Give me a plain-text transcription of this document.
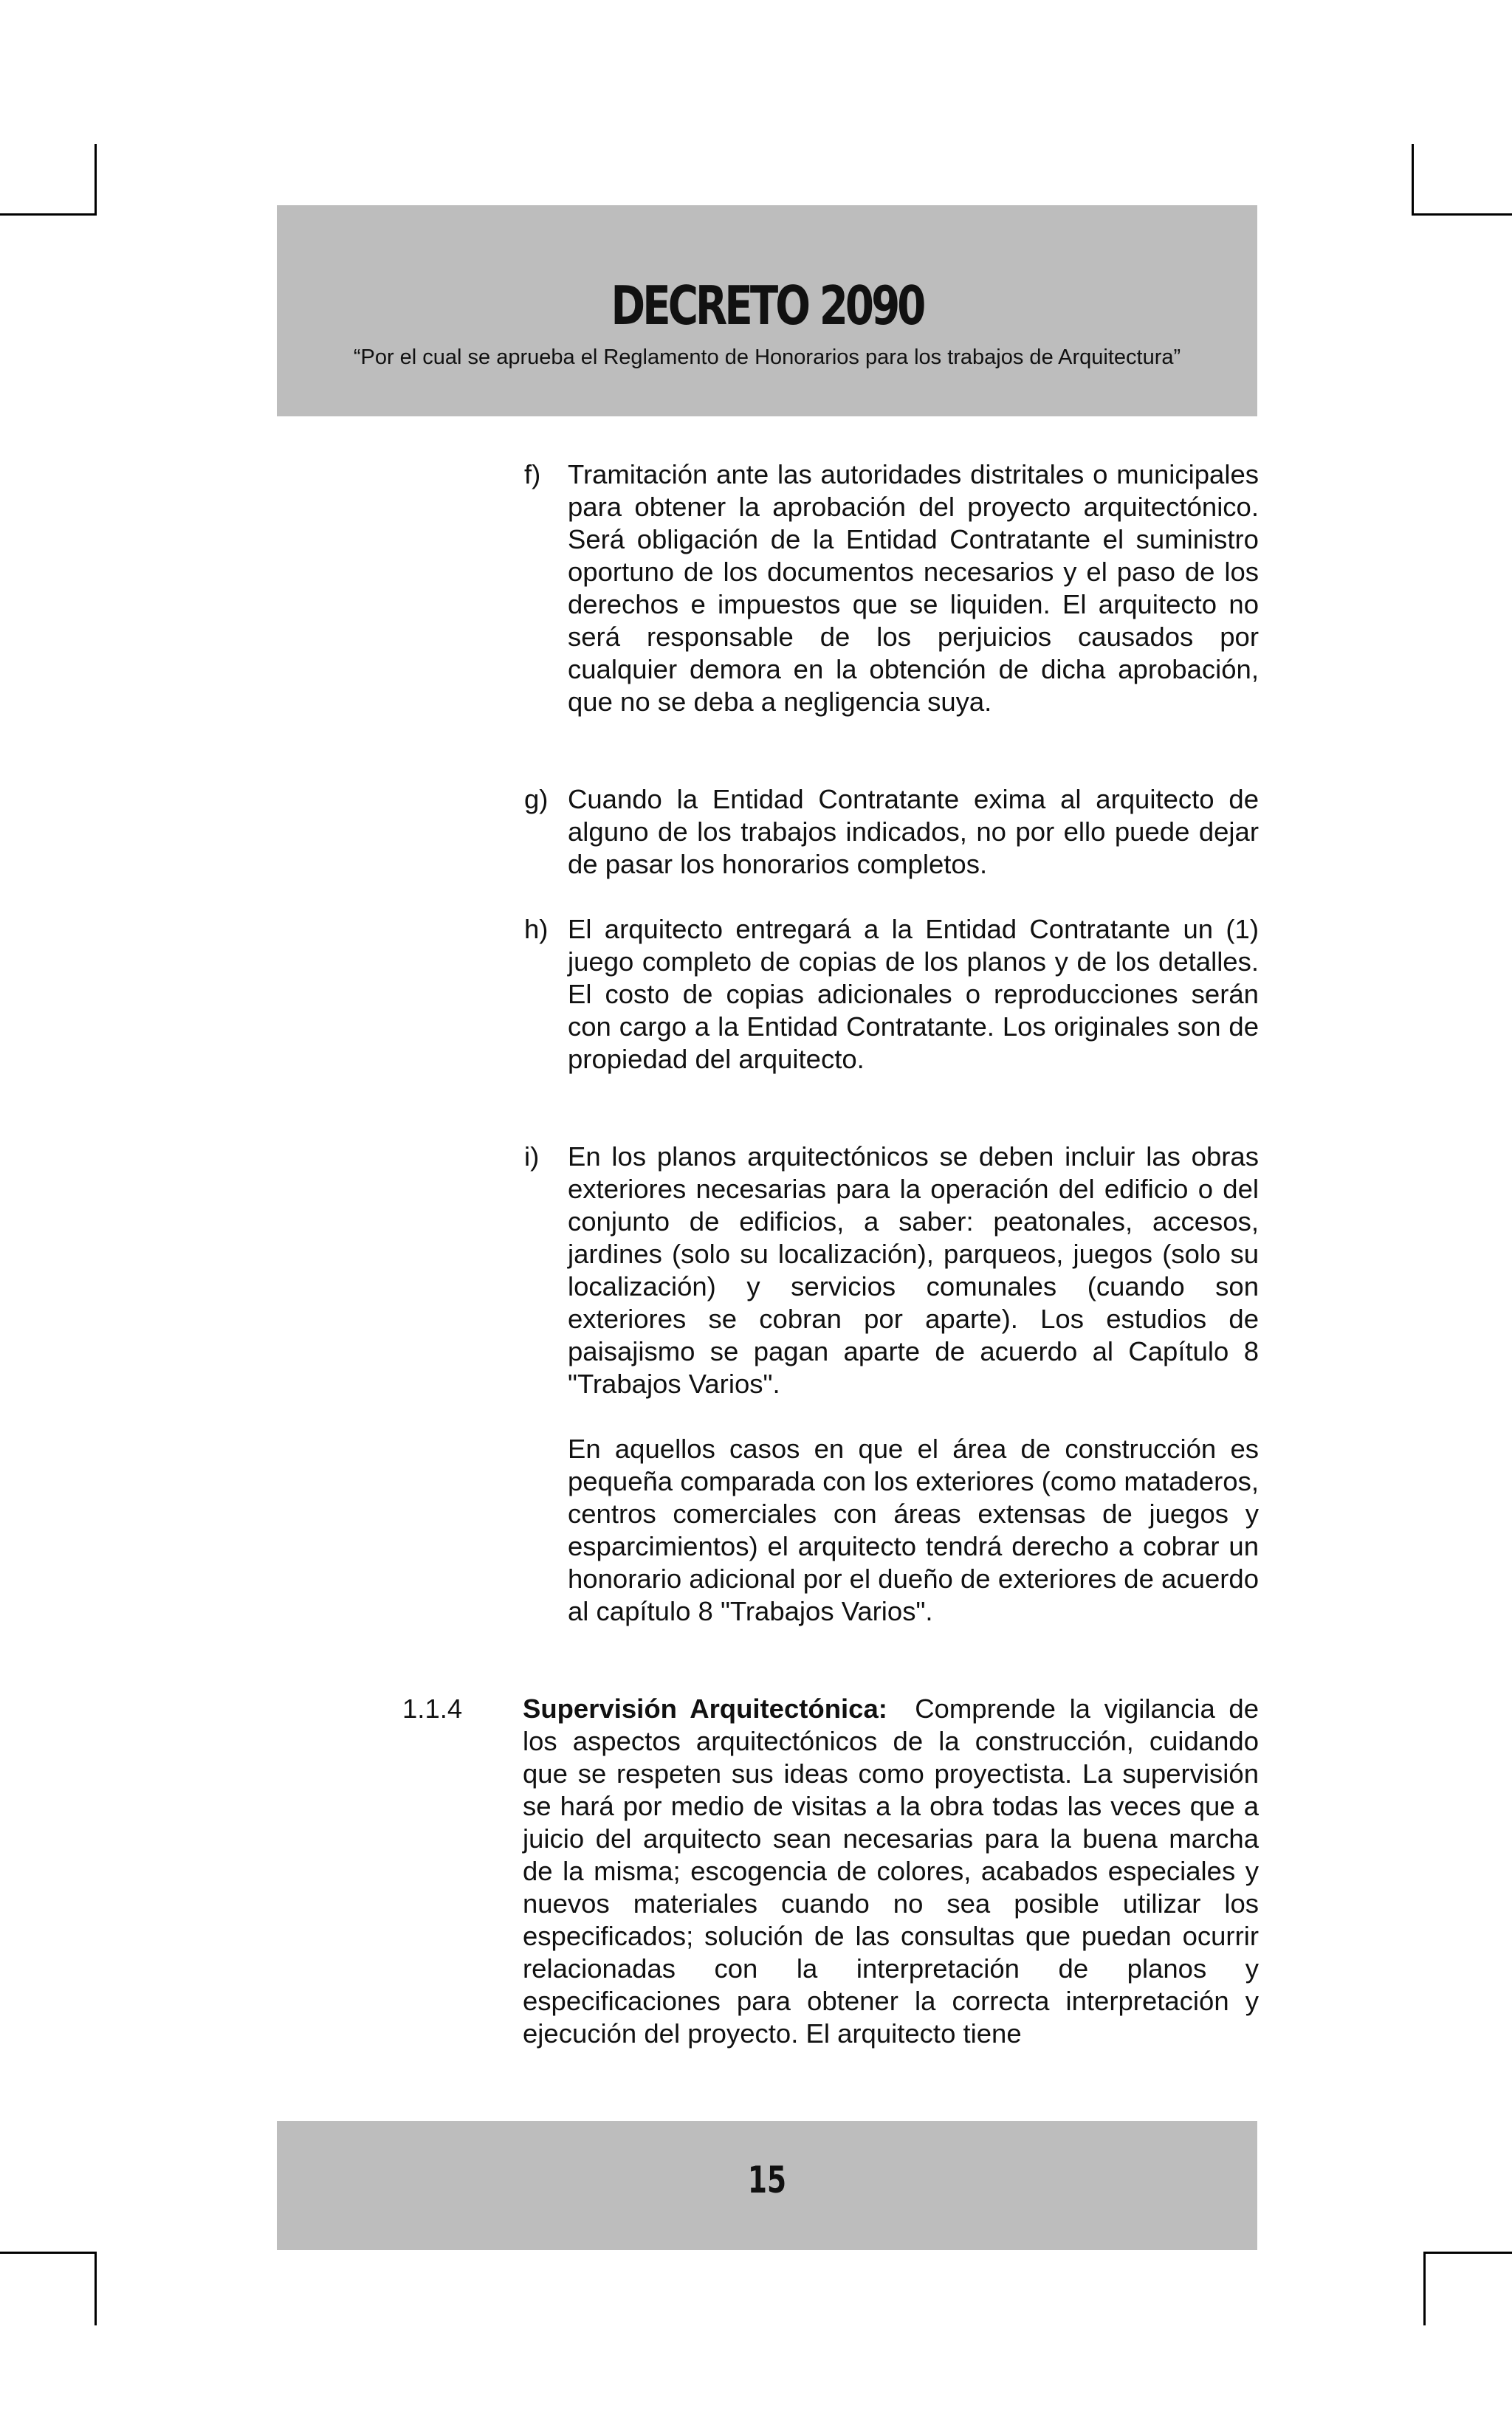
DECRETO 2090
“Por el cual se aprueba el Reglamento de Honorarios para los trabajos de Arquitectura”
f)	Tramitación ante las autoridades distritales o municipales para obtener la aprobación del proyecto arquitectónico. Será obligación de la Entidad Contratante el suministro oportuno de los documentos necesarios y el paso de los derechos e impuestos que se liquiden. El arquitecto no será responsable de los perjuicios causados por cualquier demora en la obtención de dicha aprobación, que no se deba a negligencia suya.
g) Cuando la Entidad Contratante exima al arquitecto de alguno de los trabajos indicados, no por ello puede dejar de pasar los honorarios completos.
h) El arquitecto entregará a la Entidad Contratante un (1) juego completo de copias de los planos y de los detalles. El costo de copias adicionales o reproducciones serán con cargo a la Entidad Contratante. Los originales son de propiedad del arquitecto.
i)	En los planos arquitectónicos se deben incluir las obras exteriores necesarias para la operación del edificio o del conjunto de edificios, a saber: peatonales, accesos, jardines (solo su localización), parqueos, juegos (solo su localización) y servicios comunales (cuando son exteriores se cobran por aparte). Los estudios de paisajismo se pagan aparte de acuerdo al Capítulo 8 "Trabajos Varios".
En aquellos casos en que el área de construcción es pequeña comparada con los exteriores (como mataderos, centros comerciales con áreas extensas de juegos y esparcimientos) el arquitecto tendrá derecho a cobrar un honorario adicional por el dueño de exteriores de acuerdo al capítulo 8 "Trabajos Varios".
1.1.4 Supervisión Arquitectónica: Comprende la vigilancia de los aspectos arquitectónicos de la construcción, cuidando que se respeten sus ideas como proyectista. La supervisión se hará por medio de visitas a la obra todas las veces que a juicio del arquitecto sean necesarias para la buena marcha de la misma; escogencia de colores, acabados especiales y nuevos materiales cuando no sea posible utilizar los especificados; solución de las consultas que puedan ocurrir relacionadas con la interpretación de planos y especificaciones para obtener la correcta interpretación y ejecución del proyecto. El arquitecto tiene
15
